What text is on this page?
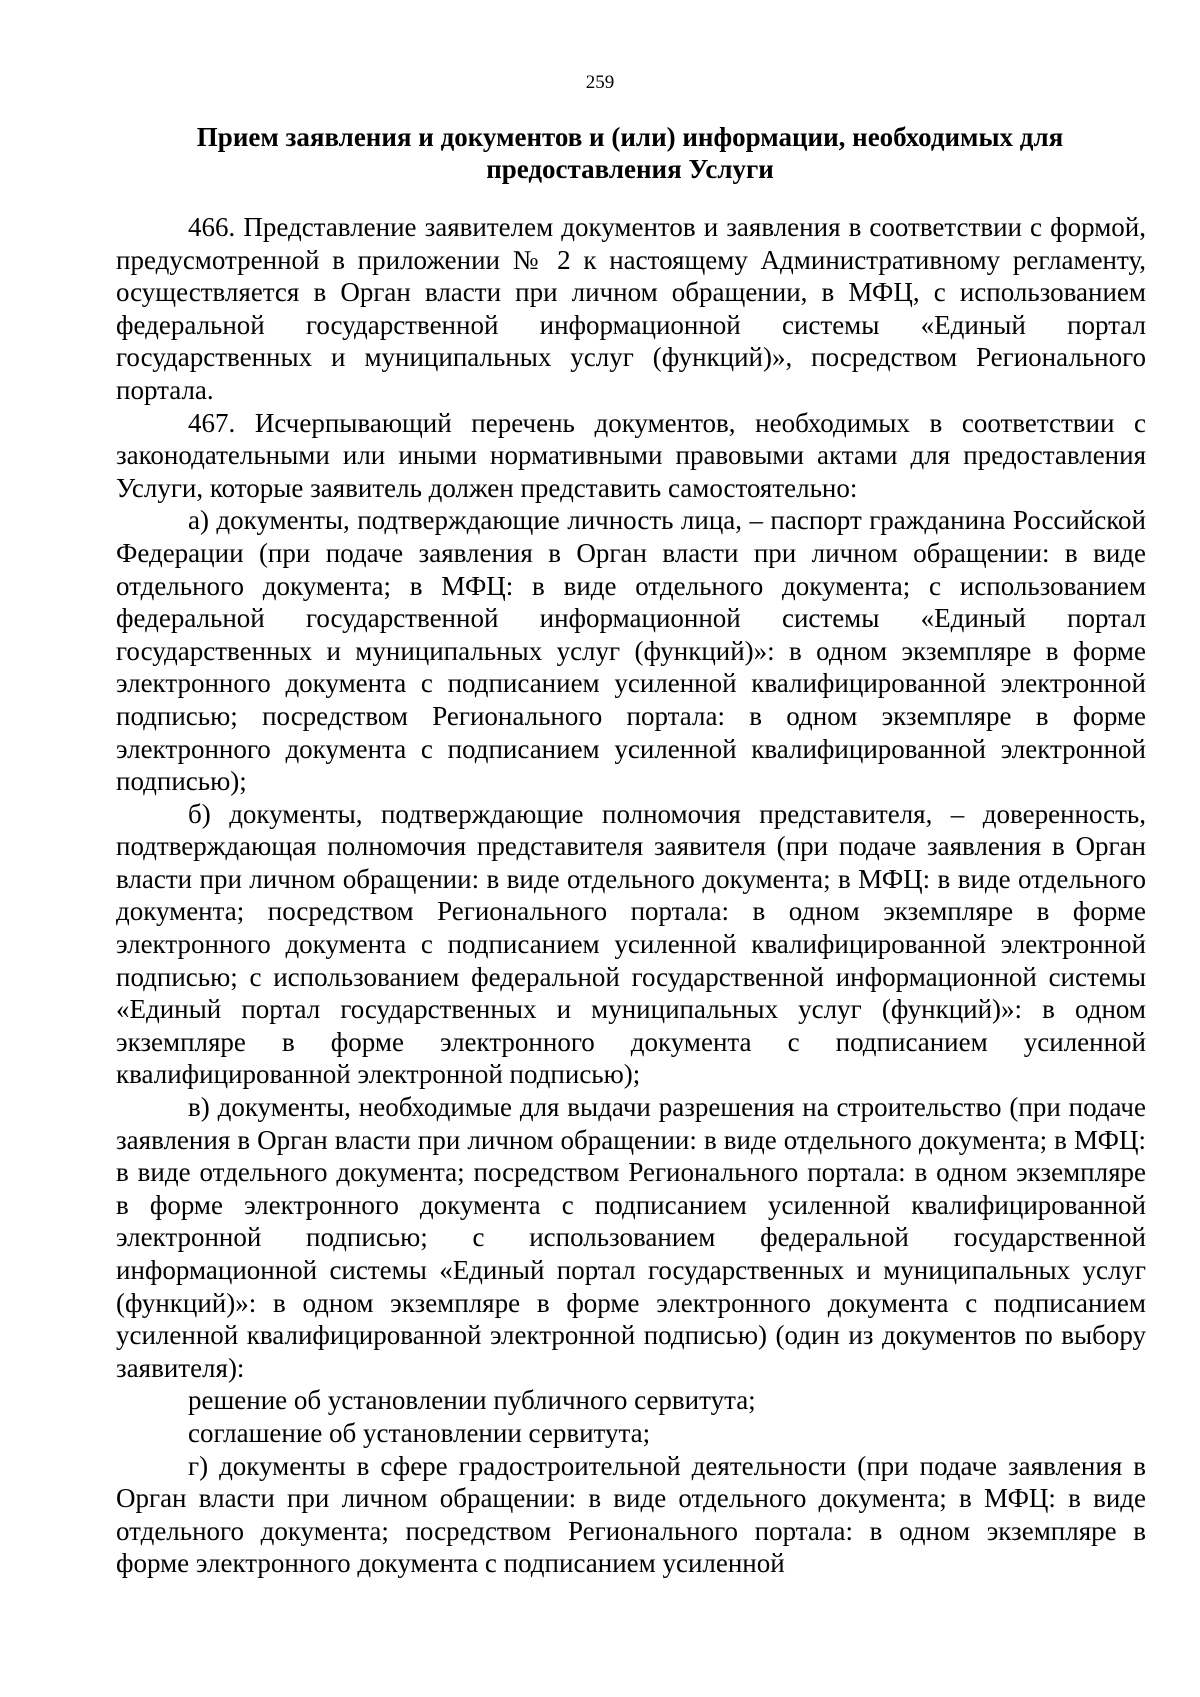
259
Прием заявления и документов и (или) информации, необходимых для предоставления Услуги

466. Представление заявителем документов и заявления в соответствии с формой, предусмотренной в приложении № 2 к настоящему Административному регламенту, осуществляется в Орган власти при личном обращении, в МФЦ, с использованием федеральной государственной информационной системы «Единый портал государственных и муниципальных услуг (функций)», посредством Регионального портала.

467. Исчерпывающий перечень документов, необходимых в соответствии с законодательными или иными нормативными правовыми актами для предоставления Услуги, которые заявитель должен представить самостоятельно:

а) документы, подтверждающие личность лица, – паспорт гражданина Российской Федерации (при подаче заявления в Орган власти при личном обращении: в виде отдельного документа; в МФЦ: в виде отдельного документа; с использованием федеральной государственной информационной системы «Единый портал государственных и муниципальных услуг (функций)»: в одном экземпляре в форме электронного документа с подписанием усиленной квалифицированной электронной подписью; посредством Регионального портала: в одном экземпляре в форме электронного документа с подписанием усиленной квалифицированной электронной подписью);

б) документы, подтверждающие полномочия представителя, – доверенность, подтверждающая полномочия представителя заявителя (при подаче заявления в Орган власти при личном обращении: в виде отдельного документа; в МФЦ: в виде отдельного документа; посредством Регионального портала: в одном экземпляре в форме электронного документа с подписанием усиленной квалифицированной электронной подписью; с использованием федеральной государственной информационной системы «Единый портал государственных и муниципальных услуг (функций)»: в одном экземпляре в форме электронного документа с подписанием усиленной квалифицированной электронной подписью);

в) документы, необходимые для выдачи разрешения на строительство (при подаче заявления в Орган власти при личном обращении: в виде отдельного документа; в МФЦ: в виде отдельного документа; посредством Регионального портала: в одном экземпляре в форме электронного документа с подписанием усиленной квалифицированной электронной подписью; с использованием федеральной государственной информационной системы «Единый портал государственных и муниципальных услуг (функций)»: в одном экземпляре в форме электронного документа с подписанием усиленной квалифицированной электронной подписью) (один из документов по выбору заявителя):

решение об установлении публичного сервитута;

соглашение об установлении сервитута;

г) документы в сфере градостроительной деятельности (при подаче заявления в Орган власти при личном обращении: в виде отдельного документа; в МФЦ: в виде отдельного документа; посредством Регионального портала: в одном экземпляре в форме электронного документа с подписанием усиленной
